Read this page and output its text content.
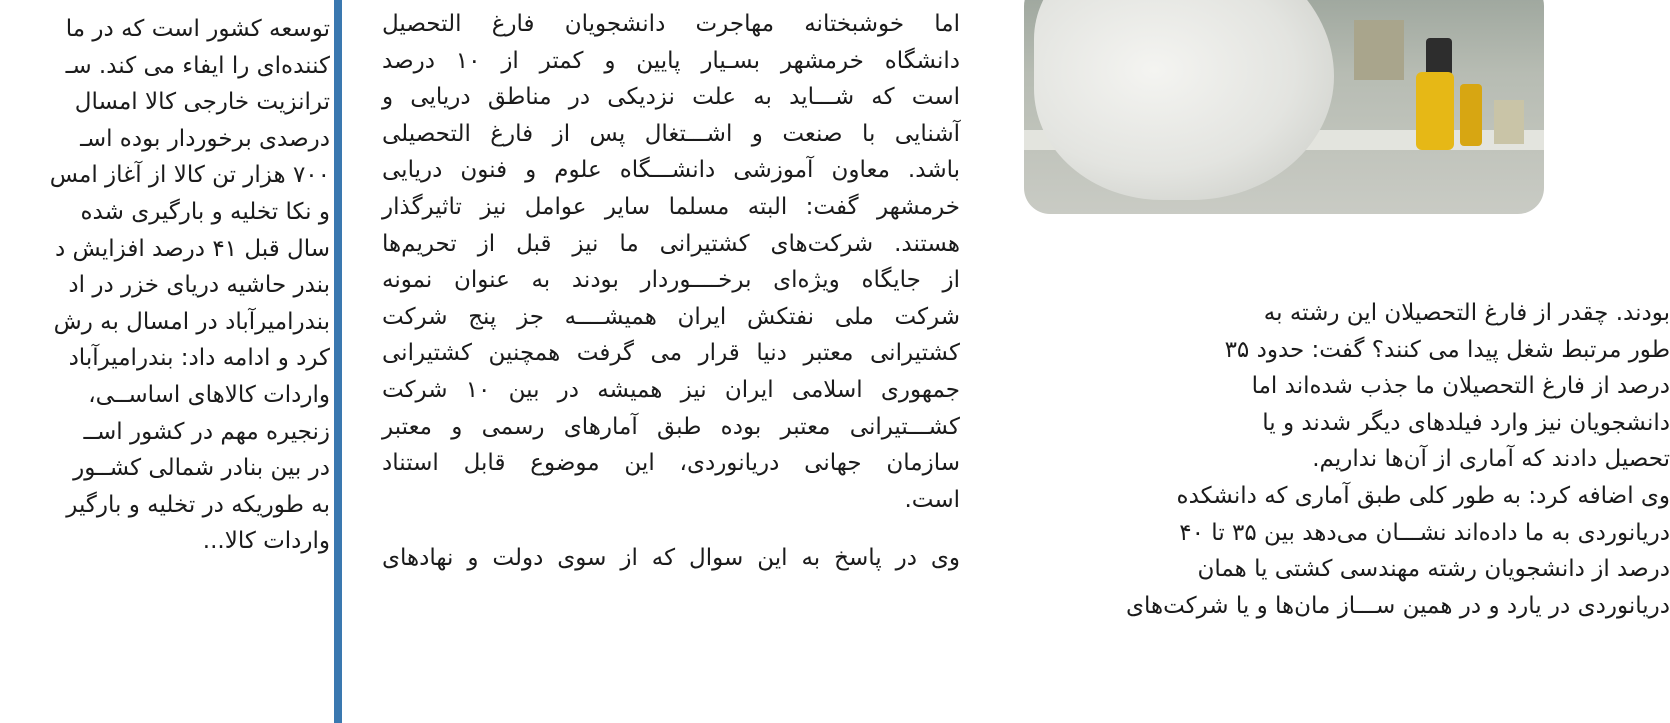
توسعه کشور است که در ما
کننده‌ای را ایفاء می کند. سـ
ترانزیت خارجی کالا امسال
درصدی برخوردار بوده اسـ
۷۰۰ هزار تن کالا از آغاز امس
و نکا تخلیه و بارگیری شده
سال قبل ۴۱ درصد افزایش د
بندر حاشیه دریای خزر در اد
بندرامیرآباد در امسال به رش
کرد و ادامه داد: بندرامیرآباد
واردات کالاهای اساســی،
زنجیره مهم در کشور اســ
در بین بنادر شمالی کشــور
به طوریکه در تخلیه و بارگیر
واردات کالا...
اما خوشبختانه مهاجرت دانشجویان فارغ التحصیل
دانشگاه خرمشهر بسـیار پایین و کمتر از ۱۰ درصد
است که شـــاید به علت نزدیکی در مناطق دریایی و
آشنایی با صنعت و اشـــتغال پس از فارغ التحصیلی
باشد. معاون آموزشی دانشـــگاه علوم و فنون دریایی
خرمشهر گفت: البته مسلما سایر عوامل نیز تاثیرگذار
هستند. شرکت‌های کشتیرانی ما نیز قبل از تحریم‌ها
از جایگاه ویژه‌ای برخــــوردار بودند به عنوان نمونه
شرکت ملی نفتکش ایران همیشــــه جز پنج شرکت
کشتیرانی معتبر دنیا قرار می گرفت همچنین کشتیرانی
جمهوری اسلامی ایران نیز همیشه در بین ۱۰ شرکت
کشـــتیرانی معتبر بوده طبق آمارهای رسمی و معتبر
سازمان جهانی دریانوردی، این موضوع قابل استناد
است.
وی در پاسخ به این سوال که از سوی دولت و نهادهای
بودند. چقدر از فارغ التحصیلان این رشته به
طور مرتبط شغل پیدا می کنند؟ گفت: حدود ۳۵
درصد از فارغ التحصیلان ما جذب شده‌اند اما
دانشجویان نیز وارد فیلدهای دیگر شدند و یا
تحصیل دادند که آماری از آن‌ها نداریم.
وی اضافه کرد: به طور کلی طبق آماری که دانشکده
دریانوردی به ما داده‌اند نشـــان می‌دهد بین ۳۵ تا ۴۰
درصد از دانشجویان رشته مهندسی کشتی یا همان
دریانوردی در یارد و در همین ســـاز مان‌ها و یا شرکت‌های
